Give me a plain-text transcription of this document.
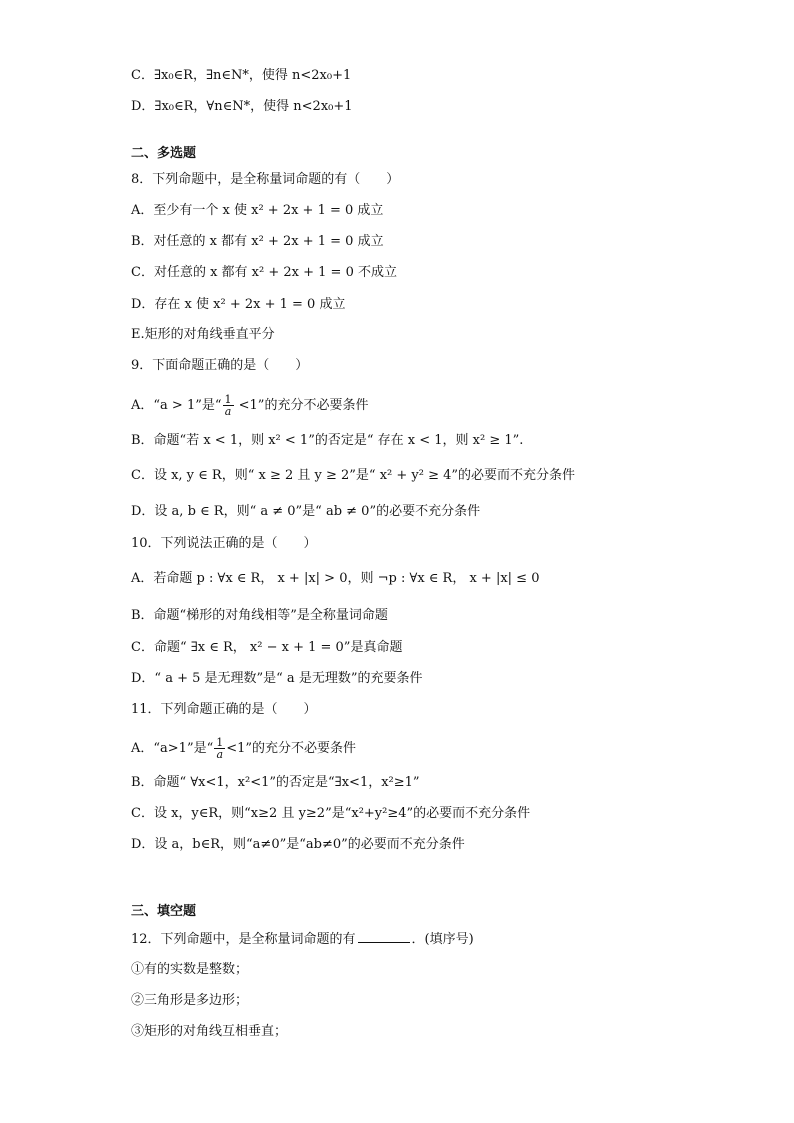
C．∃x₀∈R，∃n∈N*，使得 n<2x₀+1
D．∃x₀∈R，∀n∈N*，使得 n<2x₀+1
二、多选题
8．下列命题中，是全称量词命题的有（　　）
A．至少有一个 x 使 x² + 2x + 1 = 0 成立
B．对任意的 x 都有 x² + 2x + 1 = 0 成立
C．对任意的 x 都有 x² + 2x + 1 = 0 不成立
D．存在 x 使 x² + 2x + 1 = 0 成立
E.矩形的对角线垂直平分
9．下面命题正确的是（　　）
A．“a > 1”是“ $\frac{1}{a} <1$”的充分不必要条件
B．命题“若 x < 1，则 x² < 1”的否定是“ 存在 x < 1，则 x² ≥ 1”.
C．设 x, y ∈ R，则“ x ≥ 2 且 y ≥ 2”是“ x² + y² ≥ 4”的必要而不充分条件
D．设 a, b ∈ R，则“ a ≠ 0”是“ ab ≠ 0”的必要不充分条件
10．下列说法正确的是（　　）
A．若命题 p : ∀x ∈ R， x + |x| > 0，则 ¬p : ∀x ∈ R， x + |x| ≤ 0
B．命题“梯形的对角线相等”是全称量词命题
C．命题“ ∃x ∈ R， x² − x + 1 = 0”是真命题
D．“ a + 5 是无理数”是“ a 是无理数”的充要条件
11．下列命题正确的是（　　）
A．“a>1”是“ $\frac{1}{a} <1$”的充分不必要条件
B．命题“ ∀x<1，x²<1”的否定是“∃x<1，x²≥1”
C．设 x，y∈R，则“x≥2 且 y≥2”是“x²+y²≥4”的必要而不充分条件
D．设 a，b∈R，则“a≠0”是“ab≠0”的必要而不充分条件
三、填空题
12．下列命题中，是全称量词命题的有	．(填序号)
①有的实数是整数；
②三角形是多边形；
③矩形的对角线互相垂直；
